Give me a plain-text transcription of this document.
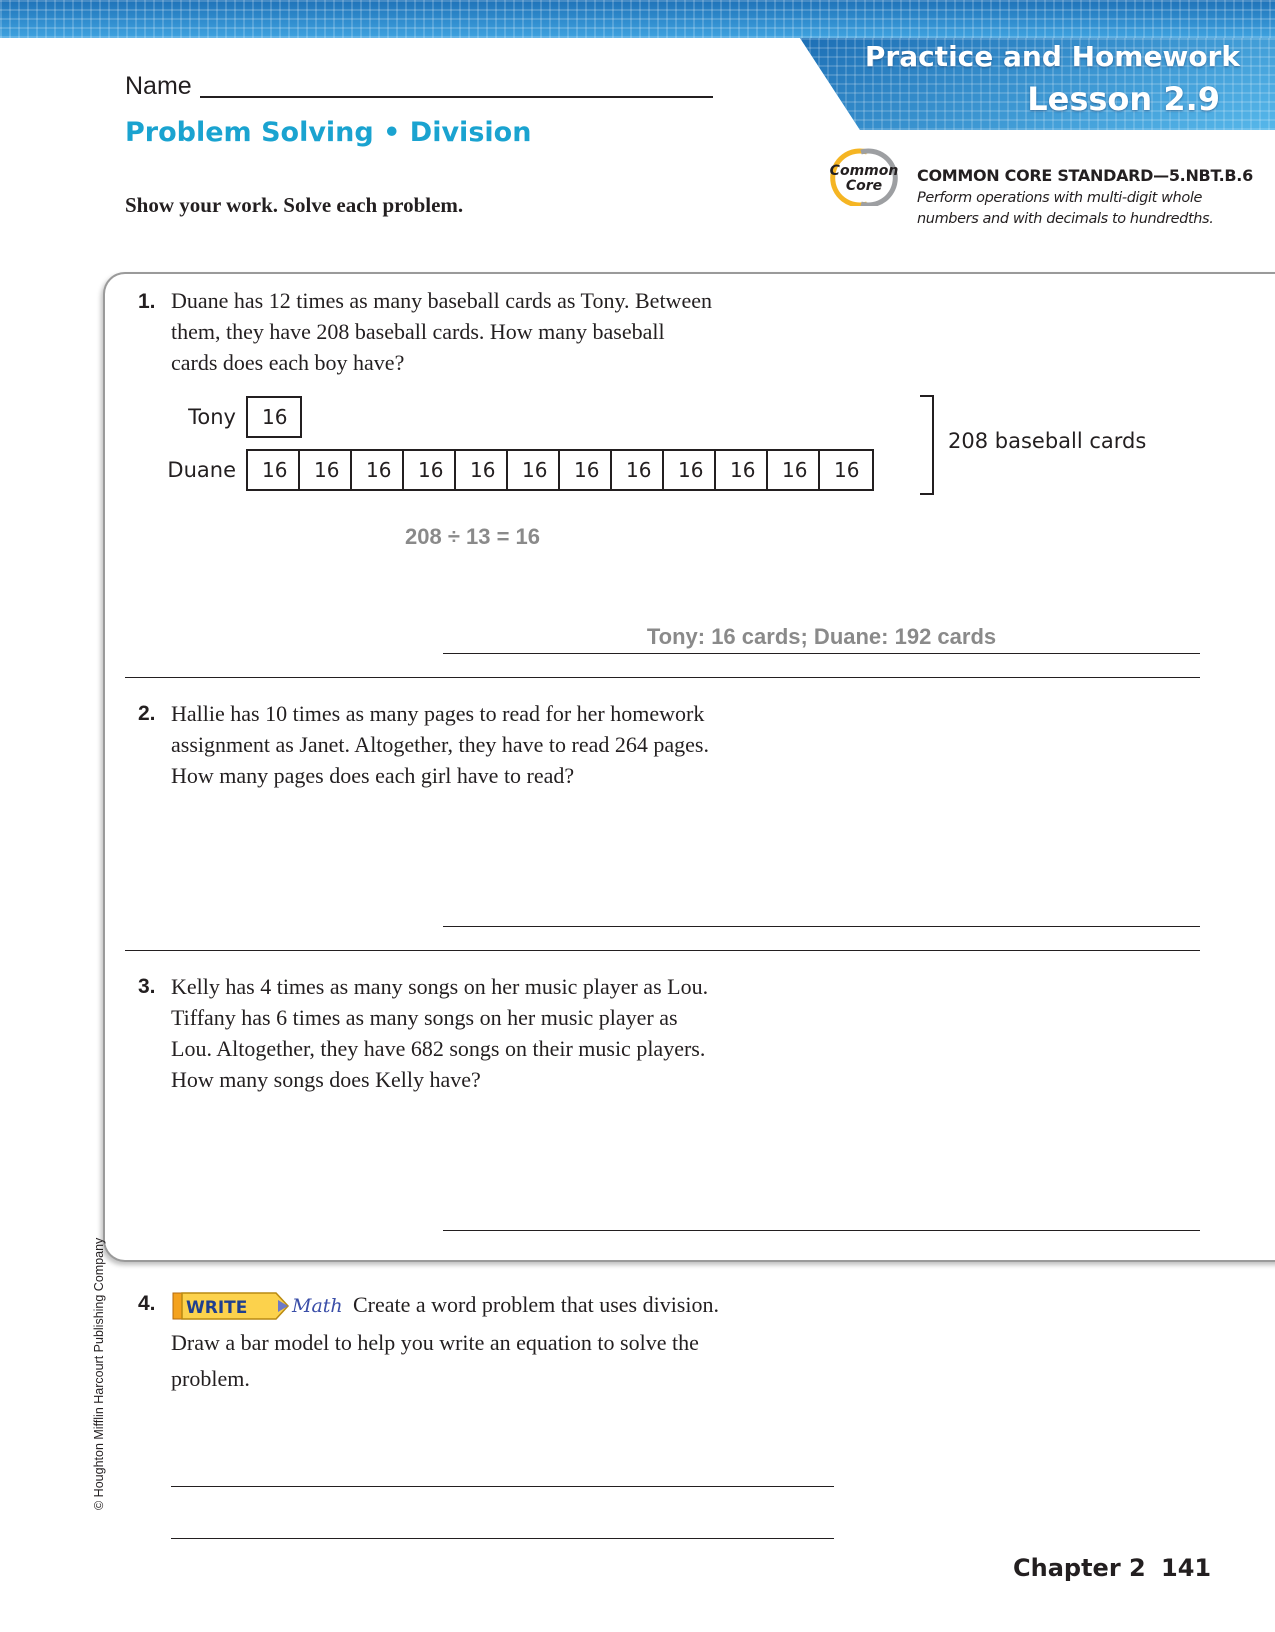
Practice and Homework
Lesson 2.9
Name
Problem Solving • Division
Show your work. Solve each problem.
Common
Core
COMMON CORE STANDARD—5.NBT.B.6
Perform operations with multi-digit whole numbers and with decimals to hundredths.
1. Duane has 12 times as many baseball cards as Tony. Between them, they have 208 baseball cards. How many baseball cards does each boy have?
Tony	16
Duane	16	16	16	16	16	16	16	16	16	16	16	16
208 baseball cards
208 ÷ 13 = 16
Tony: 16 cards; Duane: 192 cards
2. Hallie has 10 times as many pages to read for her homework assignment as Janet. Altogether, they have to read 264 pages. How many pages does each girl have to read?
3. Kelly has 4 times as many songs on her music player as Lou. Tiffany has 6 times as many songs on her music player as Lou. Altogether, they have 682 songs on their music players. How many songs does Kelly have?
4. WRITE Math Create a word problem that uses division.
Draw a bar model to help you write an equation to solve the problem.
© Houghton Mifflin Harcourt Publishing Company
Chapter 2 141
